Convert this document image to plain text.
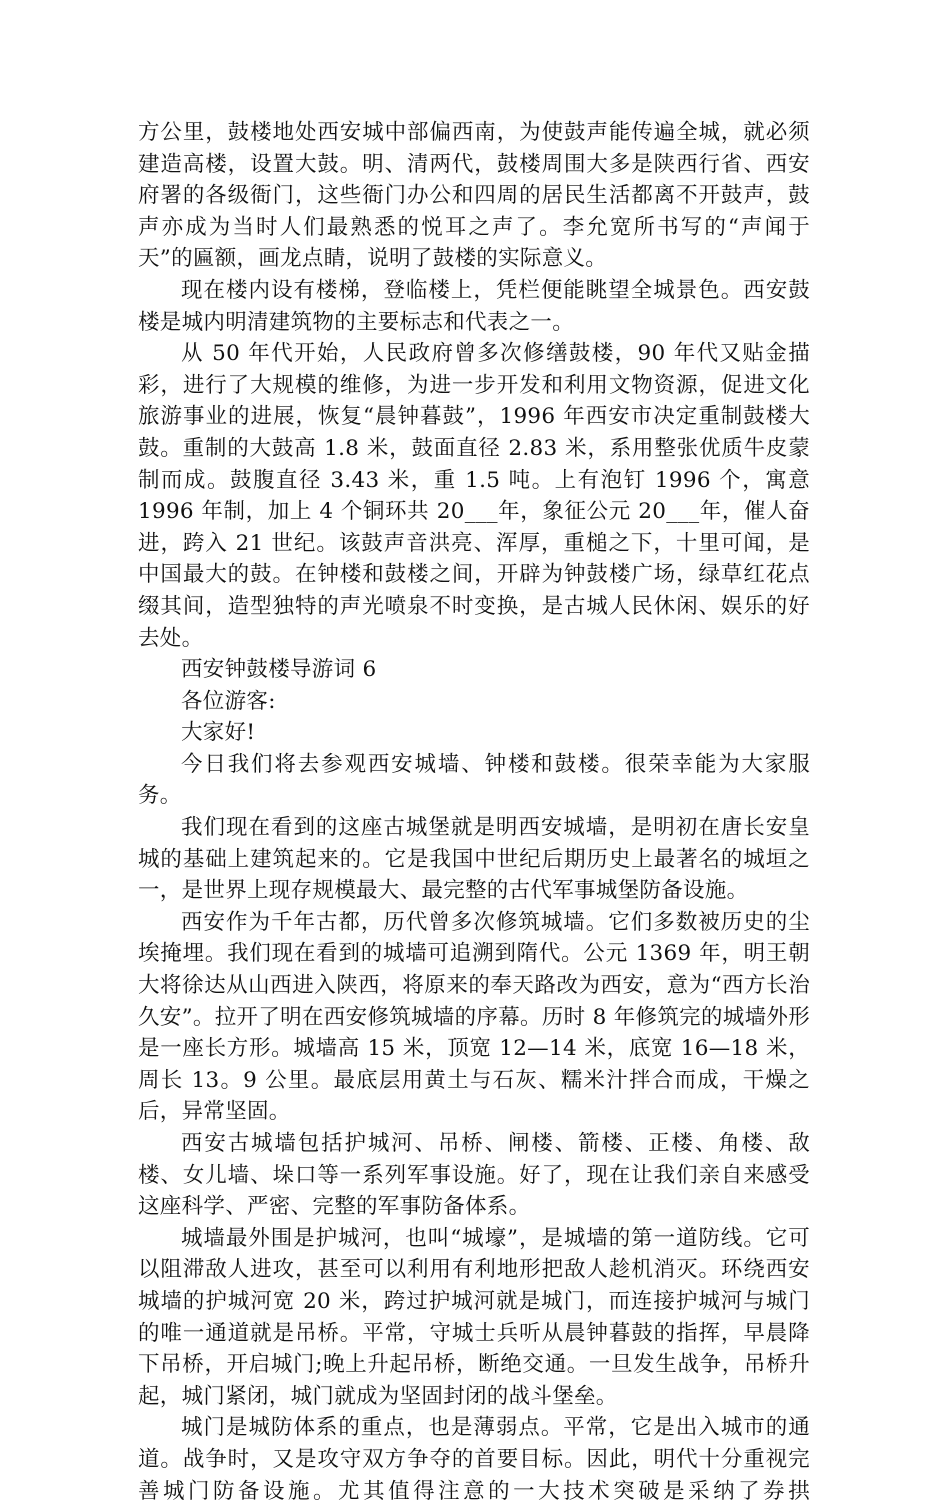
方公里，鼓楼地处西安城中部偏西南，为使鼓声能传遍全城，就必须建造高楼，设置大鼓。明、清两代，鼓楼周围大多是陕西行省、西安府署的各级衙门，这些衙门办公和四周的居民生活都离不开鼓声，鼓声亦成为当时人们最熟悉的悦耳之声了。李允宽所书写的“声闻于天”的匾额，画龙点睛，说明了鼓楼的实际意义。

现在楼内设有楼梯，登临楼上，凭栏便能眺望全城景色。西安鼓楼是城内明清建筑物的主要标志和代表之一。

从 50 年代开始，人民政府曾多次修缮鼓楼，90 年代又贴金描彩，进行了大规模的维修，为进一步开发和利用文物资源，促进文化旅游事业的进展，恢复“晨钟暮鼓”，1996 年西安市决定重制鼓楼大鼓。重制的大鼓高 1.8 米，鼓面直径 2.83 米，系用整张优质牛皮蒙制而成。鼓腹直径 3.43 米，重 1.5 吨。上有泡钉 1996 个，寓意 1996 年制，加上 4 个铜环共 20___年，象征公元 20___年，催人奋进，跨入 21 世纪。该鼓声音洪亮、浑厚，重槌之下，十里可闻，是中国最大的鼓。在钟楼和鼓楼之间，开辟为钟鼓楼广场，绿草红花点缀其间，造型独特的声光喷泉不时变换，是古城人民休闲、娱乐的好去处。

西安钟鼓楼导游词 6

各位游客:

大家好!

今日我们将去参观西安城墙、钟楼和鼓楼。很荣幸能为大家服务。

我们现在看到的这座古城堡就是明西安城墙，是明初在唐长安皇城的基础上建筑起来的。它是我国中世纪后期历史上最著名的城垣之一，是世界上现存规模最大、最完整的古代军事城堡防备设施。

西安作为千年古都，历代曾多次修筑城墙。它们多数被历史的尘埃掩埋。我们现在看到的城墙可追溯到隋代。公元 1369 年，明王朝大将徐达从山西进入陕西，将原来的奉天路改为西安，意为“西方长治久安”。拉开了明在西安修筑城墙的序幕。历时 8 年修筑完的城墙外形是一座长方形。城墙高 15 米，顶宽 12—14 米，底宽 16—18 米，周长 13。9 公里。最底层用黄土与石灰、糯米汁拌合而成，干燥之后，异常坚固。

西安古城墙包括护城河、吊桥、闸楼、箭楼、正楼、角楼、敌楼、女儿墙、垛口等一系列军事设施。好了，现在让我们亲自来感受这座科学、严密、完整的军事防备体系。

城墙最外围是护城河，也叫“城壕”，是城墙的第一道防线。它可以阻滞敌人进攻，甚至可以利用有利地形把敌人趁机消灭。环绕西安城墙的护城河宽 20 米，跨过护城河就是城门，而连接护城河与城门的唯一通道就是吊桥。平常，守城士兵听从晨钟暮鼓的指挥，早晨降下吊桥，开启城门;晚上升起吊桥，断绝交通。一旦发生战争，吊桥升起，城门紧闭，城门就成为坚固封闭的战斗堡垒。

城门是城防体系的重点，也是薄弱点。平常，它是出入城市的通道。战争时，又是攻守双方争夺的首要目标。因此，明代十分重视完善城门防备设施。尤其值得注意的一大技术突破是采纳了券拱
